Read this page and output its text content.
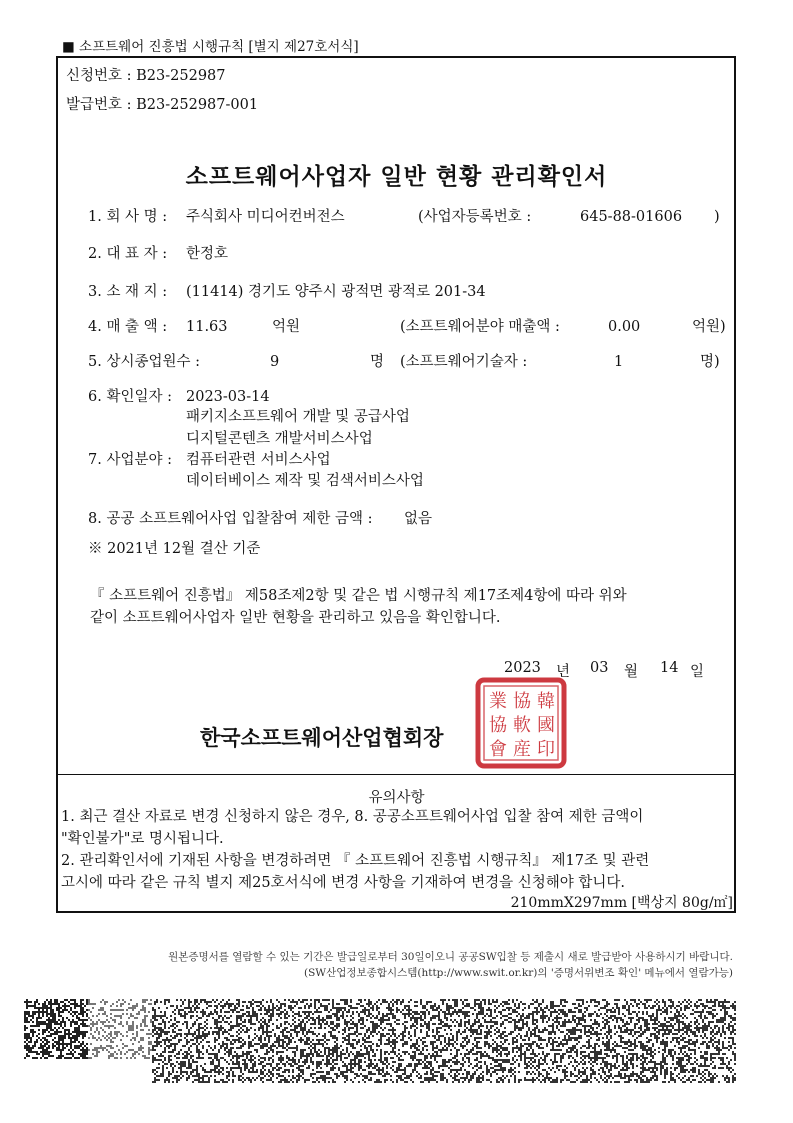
■ 소프트웨어 진흥법 시행규칙 [별지 제27호서식]
신청번호 : B23-252987
발급번호 : B23-252987-001
소프트웨어사업자 일반 현황 관리확인서
1. 회 사 명 : 주식회사 미디어컨버전스	(사업자등록번호 :	645-88-01606 )
2. 대 표 자 : 한정호
3. 소 재 지 : (11414) 경기도 양주시 광적면 광적로 201-34
4. 매 출 액 : 11.63	억원	(소프트웨어분야 매출액 :	0.00	억원)
5. 상시종업원수 :	9	명 (소프트웨어기술자 :	1	명)
6. 확인일자 : 2023-03-14
패키지소프트웨어 개발 및 공급사업
디지털콘텐츠 개발서비스사업
7. 사업분야 : 컴퓨터관련 서비스사업
데이터베이스 제작 및 검색서비스사업
8. 공공 소프트웨어사업 입찰참여 제한 금액 : 없음
※ 2021년 12월 결산 기준
『 소프트웨어 진흥법』 제58조제2항 및 같은 법 시행규칙 제17조제4항에 따라 위와
같이 소프트웨어사업자 일반 현황을 관리하고 있음을 확인합니다.
2023 년 03 월 14 일
한국소프트웨어산업협회장
業 協 韓
協 軟 國
會 産 印
유의사항
1. 최근 결산 자료로 변경 신청하지 않은 경우, 8. 공공소프트웨어사업 입찰 참여 제한 금액이
"확인불가"로 명시됩니다.
2. 관리확인서에 기재된 사항을 변경하려면 『 소프트웨어 진흥법 시행규칙』 제17조 및 관련
고시에 따라 같은 규칙 별지 제25호서식에 변경 사항을 기재하여 변경을 신청해야 합니다.
210mmX297mm [백상지 80g/㎡]
원본증명서를 열람할 수 있는 기간은 발급일로부터 30일이오니 공공SW입찰 등 제출시 새로 발급받아 사용하시기 바랍니다.
(SW산업정보종합시스템(http://www.swit.or.kr)의 '증명서위변조 확인' 메뉴에서 열람가능)
